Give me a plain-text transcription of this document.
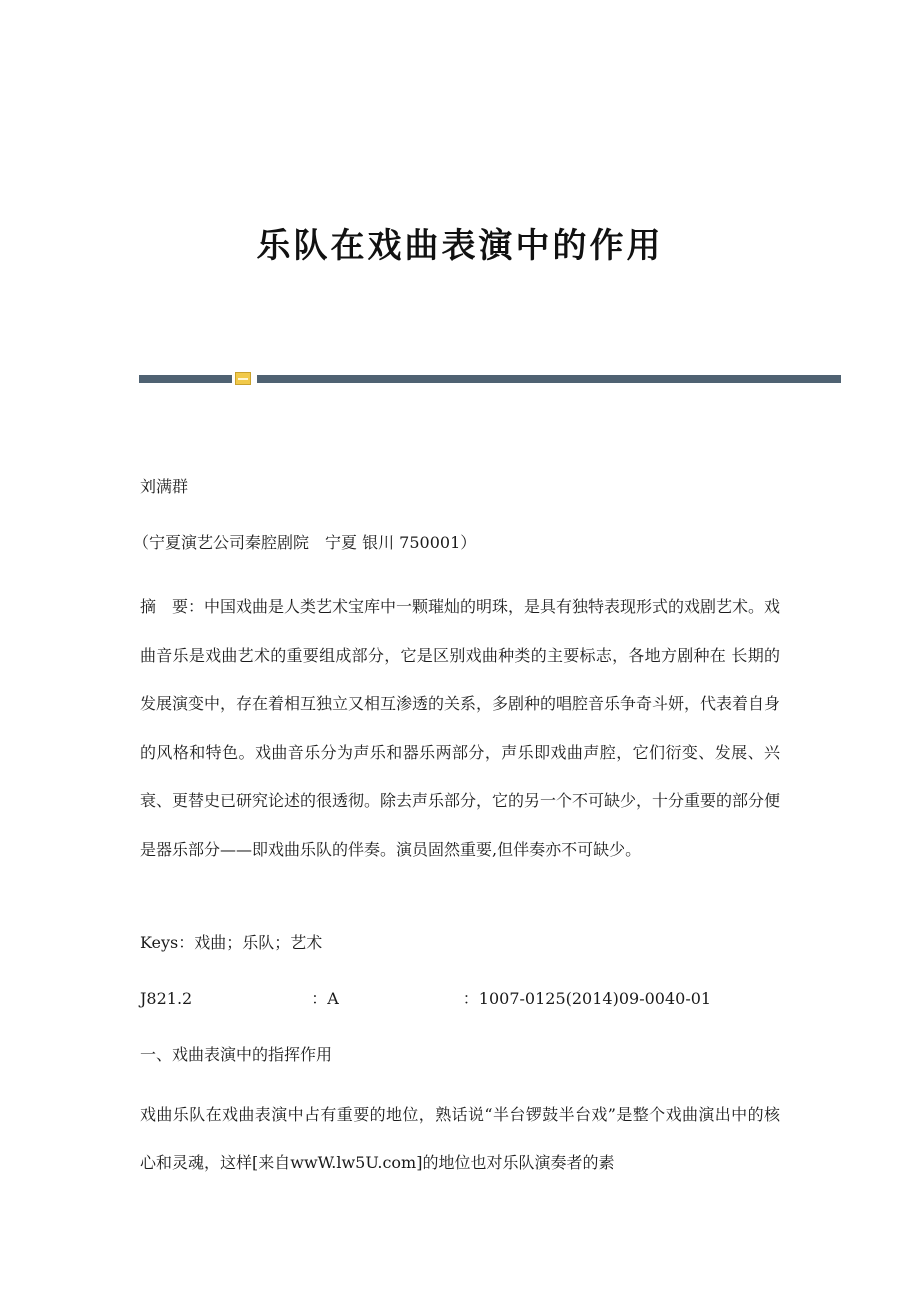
乐队在戏曲表演中的作用
刘满群
（宁夏演艺公司秦腔剧院　宁夏 银川 750001）
摘　要：中国戏曲是人类艺术宝库中一颗璀灿的明珠，是具有独特表现形式的戏剧艺术。戏曲音乐是戏曲艺术的重要组成部分，它是区别戏曲种类的主要标志，各地方剧种在 长期的发展演变中，存在着相互独立又相互渗透的关系，多剧种的唱腔音乐争奇斗妍，代表着自身的风格和特色。戏曲音乐分为声乐和器乐两部分，声乐即戏曲声腔，它们衍变、发展、兴衰、更替史已研究论述的很透彻。除去声乐部分，它的另一个不可缺少，十分重要的部分便是器乐部分——即戏曲乐队的伴奏。演员固然重要,但伴奏亦不可缺少。
Keys：戏曲；乐队；艺术
J821.2	：A	：1007-0125(2014)09-0040-01
一、戏曲表演中的指挥作用
戏曲乐队在戏曲表演中占有重要的地位，熟话说“半台锣鼓半台戏”是整个戏曲演出中的核心和灵魂，这样[来自wwW.lw5U.com]的地位也对乐队演奏者的素
